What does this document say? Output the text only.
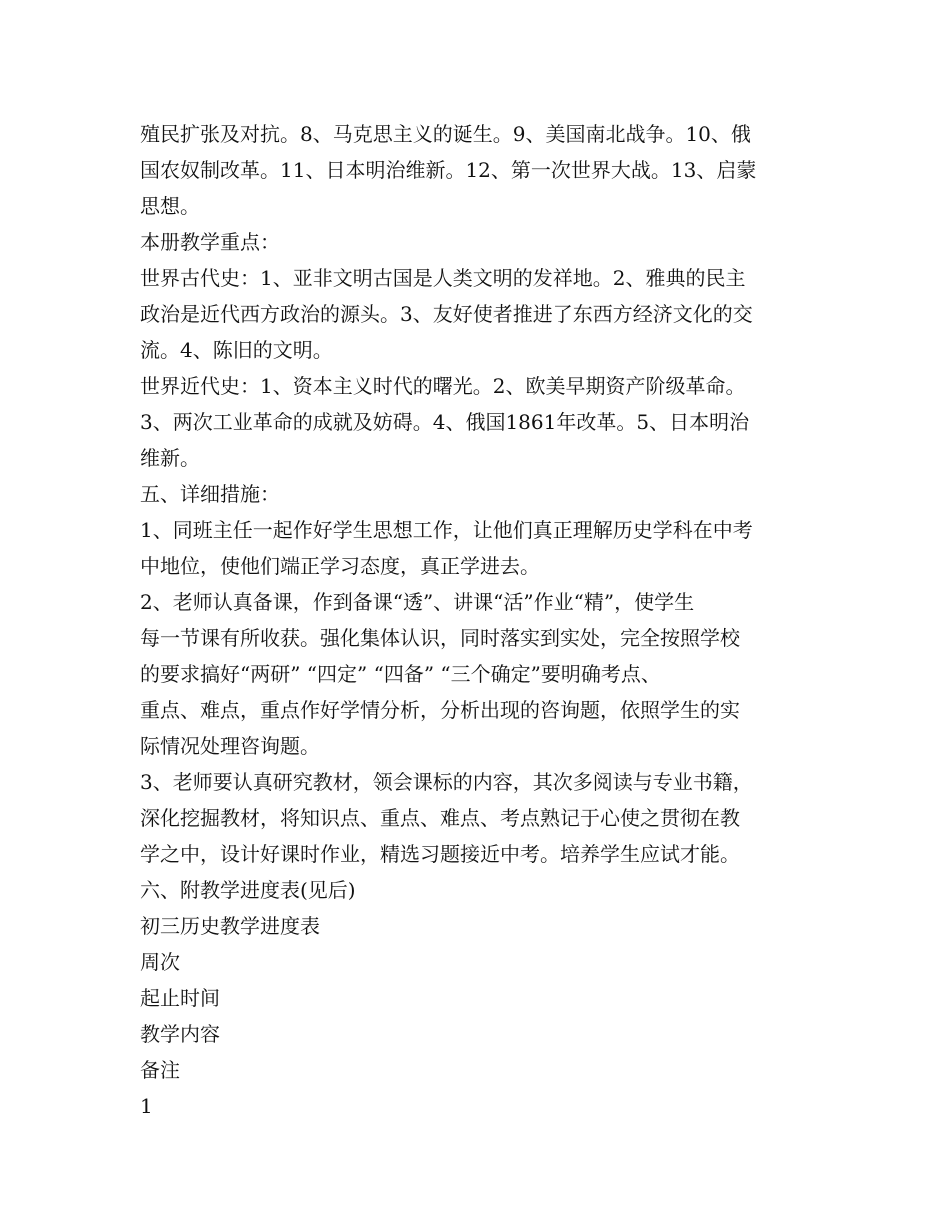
殖民扩张及对抗。8、马克思主义的诞生。9、美国南北战争。10、俄
国农奴制改革。11、日本明治维新。12、第一次世界大战。13、启蒙
思想。
本册教学重点：
世界古代史：1、亚非文明古国是人类文明的发祥地。2、雅典的民主
政治是近代西方政治的源头。3、友好使者推进了东西方经济文化的交
流。4、陈旧的文明。
世界近代史：1、资本主义时代的曙光。2、欧美早期资产阶级革命。
3、两次工业革命的成就及妨碍。4、俄国1861年改革。5、日本明治
维新。
五、详细措施：
1、同班主任一起作好学生思想工作，让他们真正理解历史学科在中考
中地位，使他们端正学习态度，真正学进去。
2、老师认真备课，作到备课“透”、讲课“活”作业“精”，使学生
每一节课有所收获。强化集体认识，同时落实到实处，完全按照学校
的要求搞好“两研” “四定” “四备” “三个确定”要明确考点、
重点、难点，重点作好学情分析，分析出现的咨询题，依照学生的实
际情况处理咨询题。
3、老师要认真研究教材，领会课标的内容，其次多阅读与专业书籍，
深化挖掘教材，将知识点、重点、难点、考点熟记于心使之贯彻在教
学之中，设计好课时作业，精选习题接近中考。培养学生应试才能。
六、附教学进度表(见后)
初三历史教学进度表
周次
起止时间
教学内容
备注
1
